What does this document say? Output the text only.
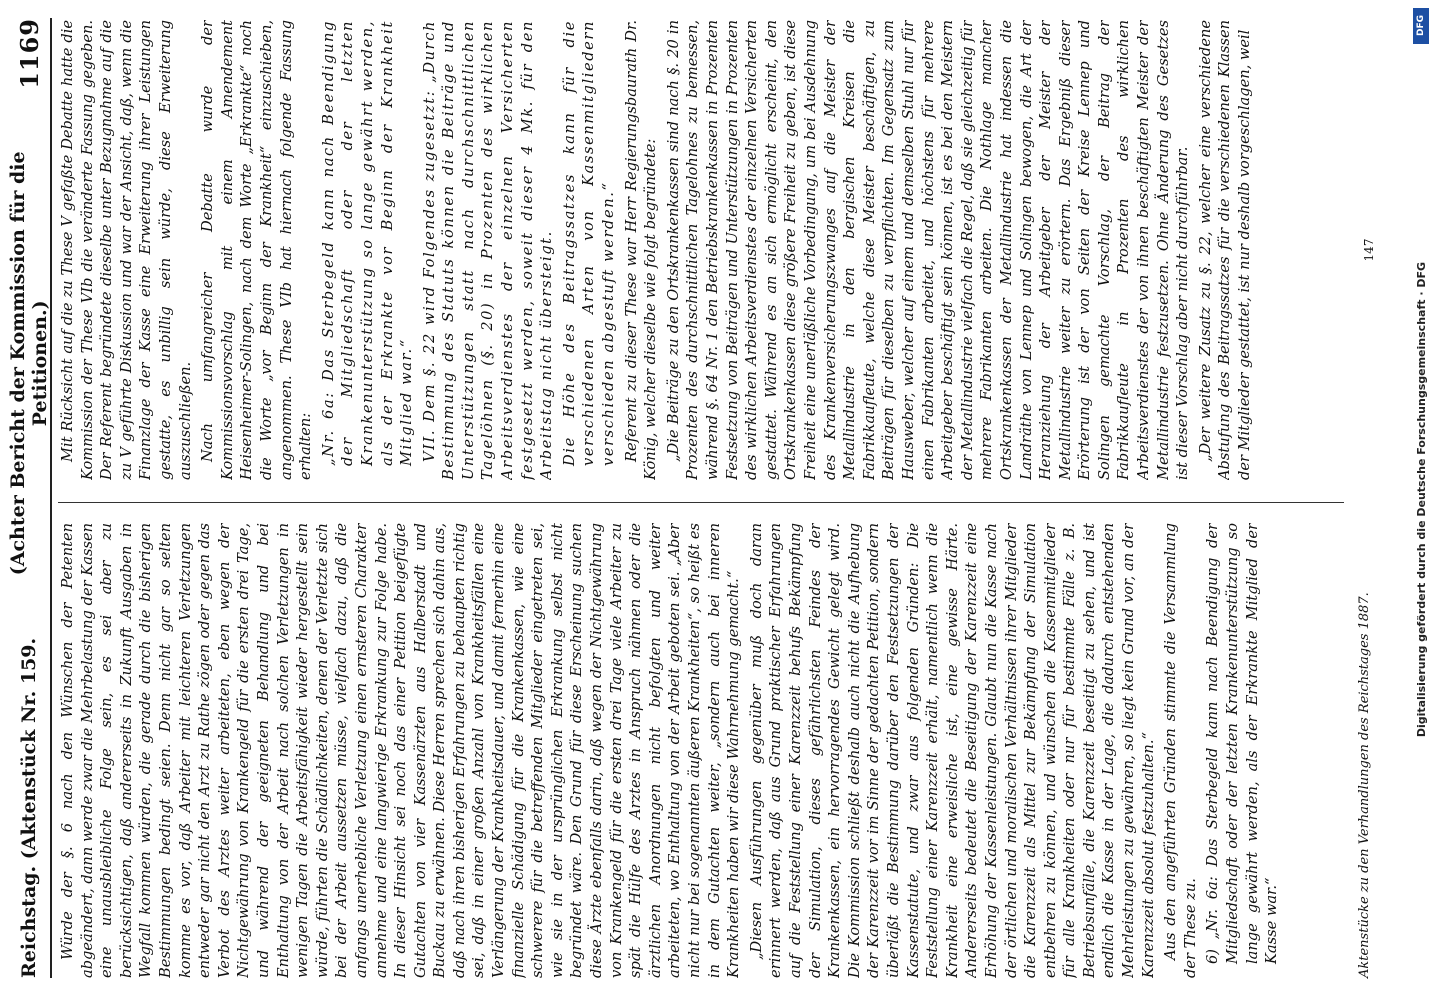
Reichstag. (Aktenstück Nr. 159.
(Achter Bericht der Kommission für die Petitionen.)
1169

Würde der §. 6 nach den Wünschen der Petenten abgeändert, dann werde zwar die Mehrbelastung der Kassen eine unausbleibliche Folge sein, es sei aber zu berücksichtigen, daß andererseits in Zukunft Ausgaben in Wegfall kommen würden, die gerade durch die bisherigen Bestimmungen bedingt seien. Denn nicht gar so selten komme es vor, daß Arbeiter mit leichteren Verletzungen entweder gar nicht den Arzt zu Rathe zögen oder gegen das Verbot des Arztes weiter arbeiteten, eben wegen der Nichtgewährung von Krankengeld für die ersten drei Tage, und während der geeigneten Behandlung und bei Enthaltung von der Arbeit nach solchen Verletzungen in wenigen Tagen die Arbeitsfähigkeit wieder hergestellt sein würde, führten die Schädlichkeiten, denen der Verletzte sich bei der Arbeit aussetzen müsse, vielfach dazu, daß die anfangs unerhebliche Verletzung einen ernsteren Charakter annehme und eine langwierige Erkrankung zur Folge habe. In dieser Hinsicht sei noch das einer Petition beigefügte Gutachten von vier Kassenärzten aus Halberstadt und Buckau zu erwähnen. Diese Herren sprechen sich dahin aus, daß nach ihren bisherigen Erfahrungen zu behaupten richtig sei, daß in einer großen Anzahl von Krankheitsfällen eine Verlängerung der Krankheitsdauer, und damit fernerhin eine finanzielle Schädigung für die Krankenkassen, wie eine schwerere für die betreffenden Mitglieder eingetreten sei, wie sie in der ursprünglichen Erkrankung selbst nicht begründet wäre. Den Grund für diese Erscheinung suchen diese Ärzte ebenfalls darin, daß wegen der Nichtgewährung von Krankengeld für die ersten drei Tage viele Arbeiter zu spät die Hülfe des Arztes in Anspruch nähmen oder die ärztlichen Anordnungen nicht befolgten und weiter arbeiteten, wo Enthaltung von der Arbeit geboten sei. „Aber nicht nur bei sogenannten äußeren Krankheiten“, so heißt es in dem Gutachten weiter, „sondern auch bei inneren Krankheiten haben wir diese Wahrnehmung gemacht.“ „Diesen Ausführungen gegenüber muß doch daran erinnert werden, daß aus Grund praktischer Erfahrungen auf die Feststellung einer Karenzzeit behufs Bekämpfung der Simulation, dieses gefährlichsten Feindes der Krankenkassen, ein hervorragendes Gewicht gelegt wird. Die Kommission schließt deshalb auch nicht die Aufhebung der Karenzzeit vor im Sinne der gedachten Petition, sondern überläßt die Bestimmung darüber den Festsetzungen der Kassenstatute, und zwar aus folgenden Gründen: Die Feststellung einer Karenzzeit erhält, namentlich wenn die Krankheit eine erweisliche ist, eine gewisse Härte. Andererseits bedeutet die Beseitigung der Karenzzeit eine Erhöhung der Kassenleistungen. Glaubt nun die Kasse nach der örtlichen und moralischen Verhältnissen ihrer Mitglieder die Karenzzeit als Mittel zur Bekämpfung der Simulation entbehren zu können, und wünschen die Kassenmitglieder für alle Krankheiten oder nur für bestimmte Fälle z. B. Betriebsunfälle, die Karenzzeit beseitigt zu sehen, und ist endlich die Kasse in der Lage, die dadurch entstehenden Mehrleistungen zu gewähren, so liegt kein Grund vor, an der Karenzzeit absolut festzuhalten.“ Aus den angeführten Gründen stimmte die Versammlung der These zu. 6) „Nr. 6a: Das Sterbegeld kann nach Beendigung der Mitgliedschaft oder der letzten Krankenunterstützung so lange gewährt werden, als der Erkrankte Mitglied der Kasse war.“

Mit Rücksicht auf die zu These V gefaßte Debatte hatte die Kommission der These VIb die veränderte Fassung gegeben. Der Referent begründete dieselbe unter Bezugnahme auf die zu V geführte Diskussion und war der Ansicht, daß, wenn die Finanzlage der Kasse eine Erweiterung ihrer Leistungen gestatte, es unbillig sein würde, diese Erweiterung auszuschließen. Nach umfangreicher Debatte wurde der Kommissionsvorschlag mit einem Amendement Heisenheimer-Solingen, nach dem Worte „Erkrankte“ noch die Worte „vor Beginn der Krankheit“ einzuschieben, angenommen. These VIb hat hiernach folgende Fassung erhalten: „Nr. 6a: Das Sterbegeld kann nach Beendigung der Mitgliedschaft oder der letzten Krankenunterstützung so lange gewährt werden, als der Erkrankte vor Beginn der Krankheit Mitglied war.“ VII. Dem §. 22 wird Folgendes zugesetzt: „Durch Bestimmung des Statuts können die Beiträge und Unterstützungen statt nach durchschnittlichen Tagelöhnen (§. 20) in Prozenten des wirklichen Arbeitsverdienstes der einzelnen Versicherten festgesetzt werden, soweit dieser 4 Mk. für den Arbeitstag nicht übersteigt. Die Höhe des Beitragssatzes kann für die verschiedenen Arten von Kassenmitgliedern verschieden abgestuft werden.“ Referent zu dieser These war Herr Regierungsbaurath Dr. König, welcher dieselbe wie folgt begründete: „Die Beiträge zu den Ortskrankenkassen sind nach §. 20 in Prozenten des durchschnittlichen Tagelohnes zu bemessen, während §. 64 Nr. 1 den Betriebskrankenkassen in Prozenten Festsetzung von Beiträgen und Unterstützungen in Prozenten des wirklichen Arbeitsverdienstes der einzelnen Versicherten gestattet. Während es an sich ermöglicht erscheint, den Ortskrankenkassen diese größere Freiheit zu geben, ist diese Freiheit eine unerläßliche Vorbedingung, um bei Ausdehnung des Krankenversicherungszwanges auf die Meister der Metallindustrie in den bergischen Kreisen die Fabrikkaufleute, welche diese Meister beschäftigen, zu Beiträgen für dieselben zu verpflichten. Im Gegensatz zum Hausweber, welcher auf einem und demselben Stuhl nur für einen Fabrikanten arbeitet, und höchstens für mehrere Arbeitgeber beschäftigt sein können, ist es bei den Meistern der Metallindustrie vielfach die Regel, daß sie gleichzeitig für mehrere Fabrikanten arbeiten. Die Nothlage mancher Ortskrankenkassen der Metallindustrie hat indessen die Landräthe von Lennep und Solingen bewogen, die Art der Heranziehung der Arbeitgeber der Meister der Metallindustrie weiter zu erörtern. Das Ergebniß dieser Erörterung ist der von Seiten der Kreise Lennep und Solingen gemachte Vorschlag, der Beitrag der Fabrikkaufleute in Prozenten des wirklichen Arbeitsverdienstes der von ihnen beschäftigten Meister der Metallindustrie festzusetzen. Ohne Änderung des Gesetzes ist dieser Vorschlag aber nicht durchführbar. „Der weitere Zusatz zu §. 22, welcher eine verschiedene Abstufung des Beitragssatzes für die verschiedenen Klassen der Mitglieder gestattet, ist nur deshalb vorgeschlagen, weil

Aktenstücke zu den Verhandlungen des Reichstages 1887.
147
DFG
Digitalisierung gefördert durch die Deutsche Forschungsgemeinschaft · DFG
